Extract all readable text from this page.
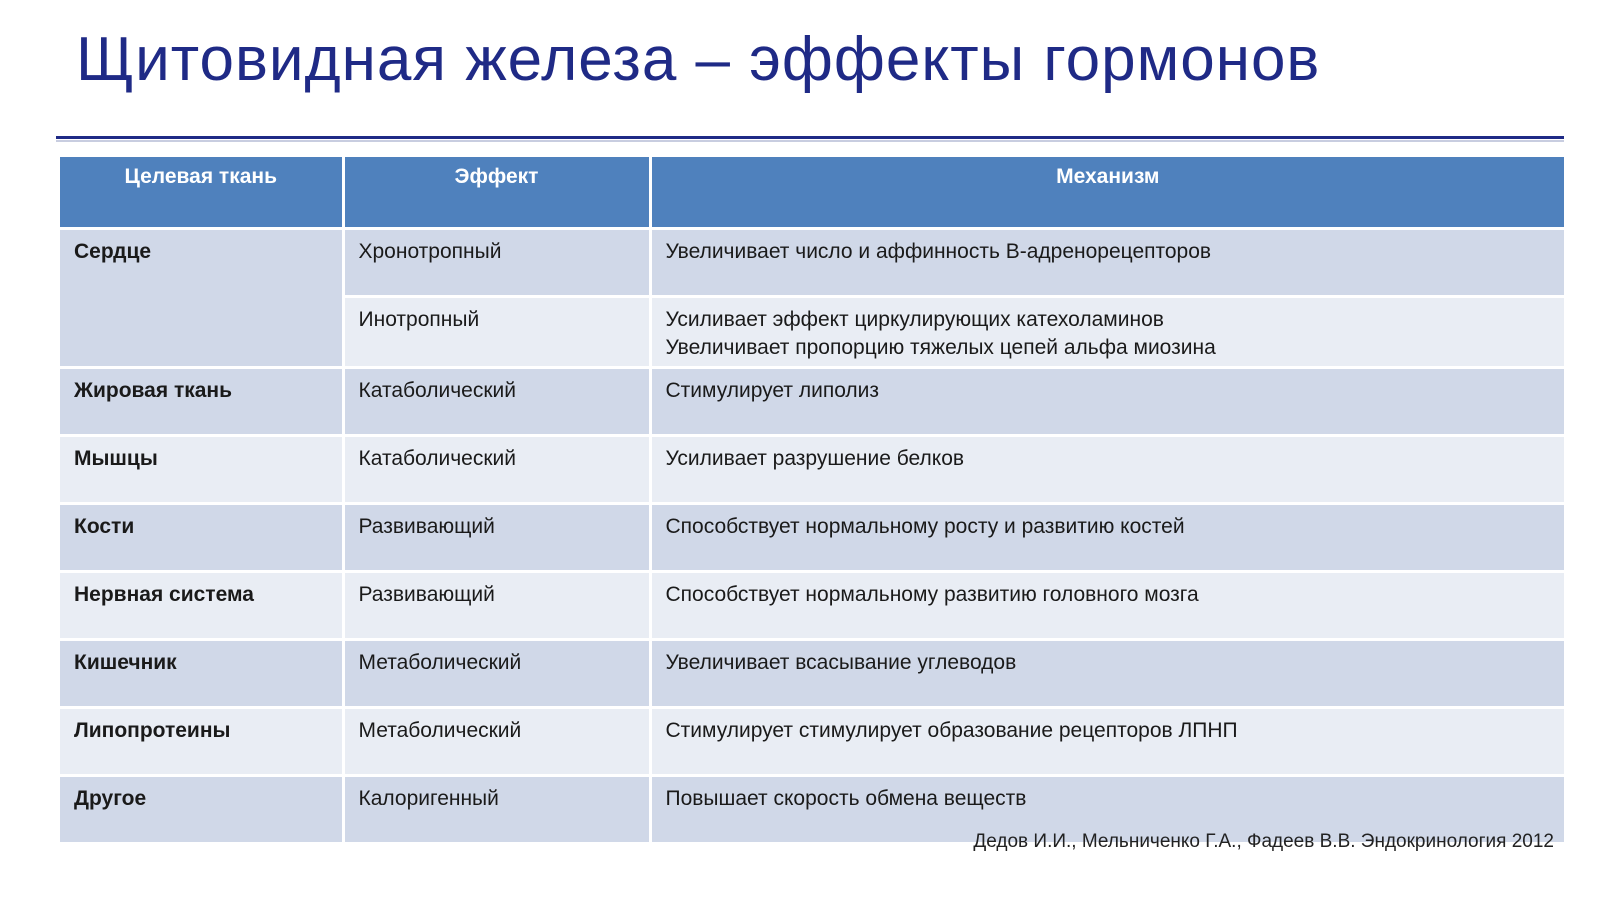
Щитовидная железа – эффекты гормонов
Целевая ткань	Эффект	Механизм
Сердце	Хронотропный	Увеличивает число и аффинность В-адренорецепторов

	Инотропный	Усиливает эффект циркулирующих катехоламинов
Увеличивает пропорцию тяжелых цепей альфа миозина

Жировая ткань	Катаболический	Стимулирует липолиз

Мышцы	Катаболический	Усиливает разрушение белков

Кости	Развивающий	Способствует нормальному росту и развитию костей

Нервная система	Развивающий	Способствует нормальному развитию головного мозга

Кишечник	Метаболический	Увеличивает всасывание углеводов

Липопротеины	Метаболический	Стимулирует стимулирует образование рецепторов ЛПНП

Другое	Калоригенный	Повышает скорость обмена веществ
Дедов И.И., Мельниченко Г.А., Фадеев В.В. Эндокринология 2012
